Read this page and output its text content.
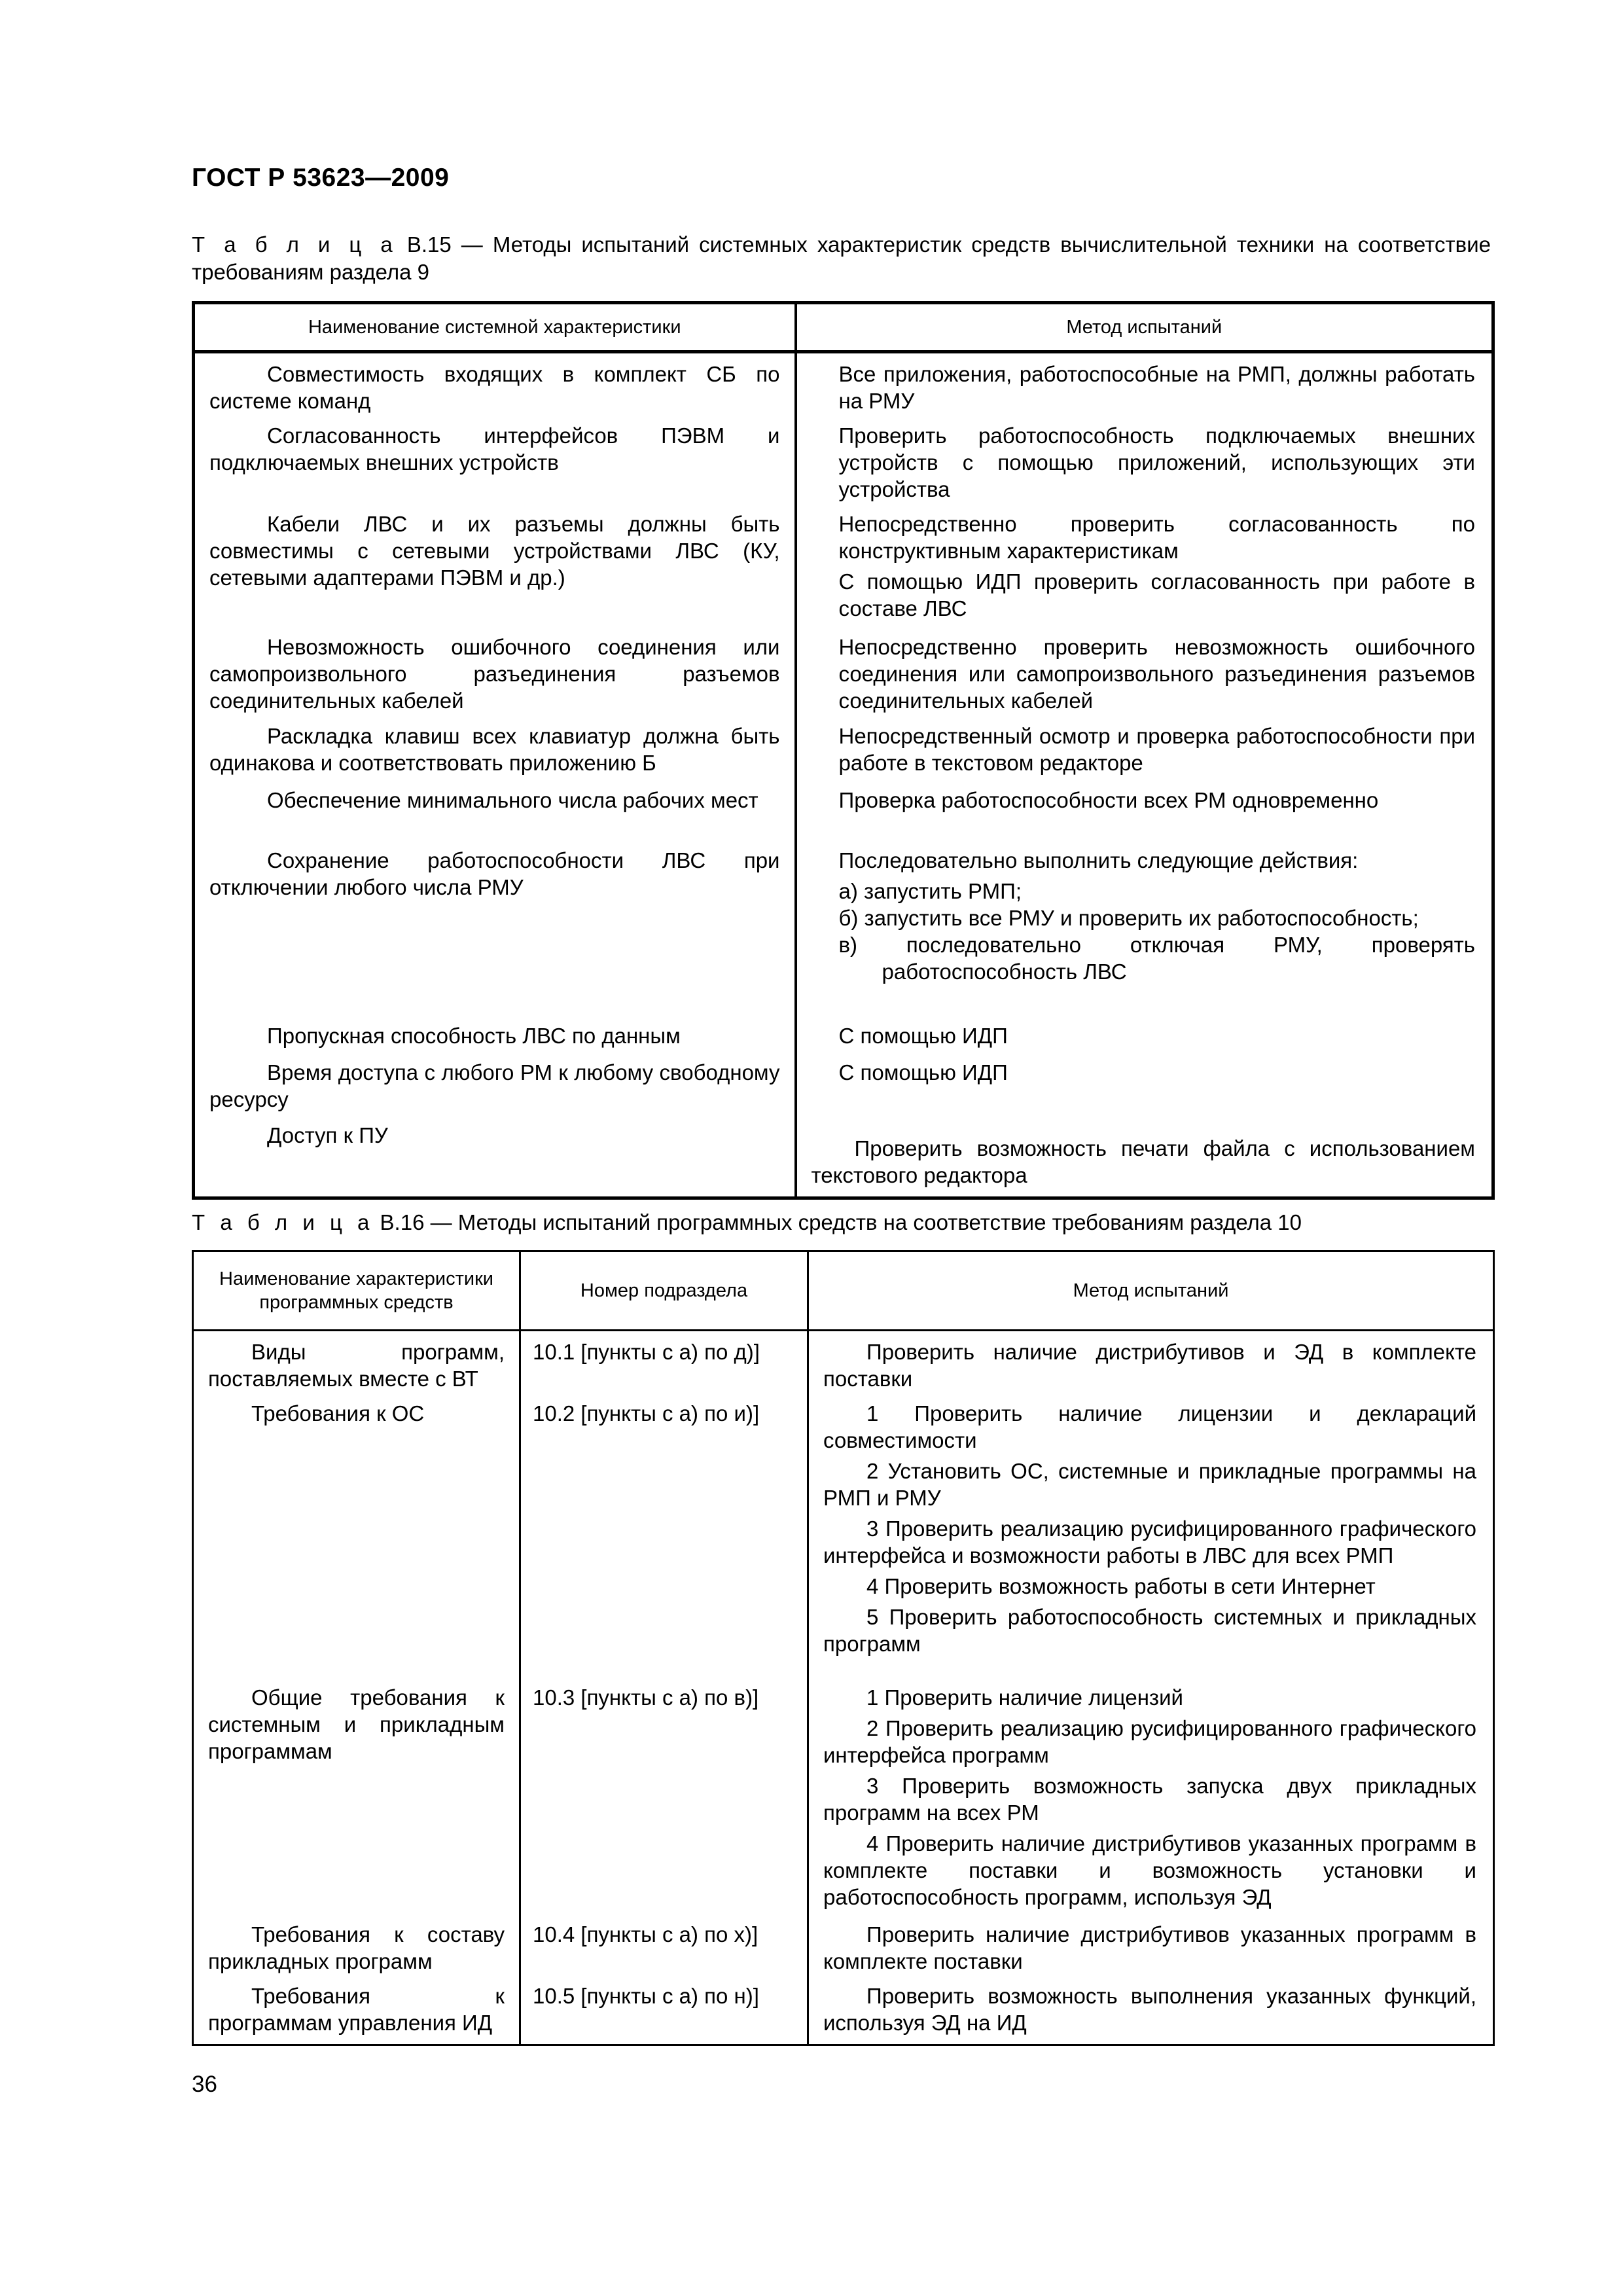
ГОСТ Р 53623—2009
Т а б л и ц а В.15 — Методы испытаний системных характеристик средств вычислительной техники на соответствие требованиям раздела 9
Наименование системной характеристики	Метод испытаний
Совместимость входящих в комплект СБ по системе команд	Все приложения, работоспособные на РМП, должны работать на РМУ

Согласованность интерфейсов ПЭВМ и подключаемых внешних устройств	Проверить работоспособность подключаемых внешних устройств с помощью приложений, использующих эти устройства

Кабели ЛВС и их разъемы должны быть совместимы с сетевыми устройствами ЛВС (КУ, сетевыми адаптерами ПЭВМ и др.)	Непосредственно проверить согласованность по конструктивным характеристикам
С помощью ИДП проверить согласованность при работе в составе ЛВС

Невозможность ошибочного соединения или самопроизвольного разъединения разъемов соединительных кабелей	Непосредственно проверить невозможность ошибочного соединения или самопроизвольного разъединения разъемов соединительных кабелей

Раскладка клавиш всех клавиатур должна быть одинакова и соответствовать приложению Б	Непосредственный осмотр и проверка работоспособности при работе в текстовом редакторе

Обеспечение минимального числа рабочих мест	Проверка работоспособности всех РМ одновременно

Сохранение работоспособности ЛВС при отключении любого числа РМУ	Последовательно выполнить следующие действия:
а) запустить РМП;
б) запустить все РМУ и проверить их работоспособность;
в) последовательно отключая РМУ, проверять работоспособность ЛВС

Пропускная способность ЛВС по данным	С помощью ИДП

Время доступа с любого РМ к любому свободному ресурсу	С помощью ИДП

Доступ к ПУ	Проверить возможность печати файла с использованием текстового редактора
Т а б л и ц а В.16 — Методы испытаний программных средств на соответствие требованиям раздела 10
Наименование характеристики программных средств	Номер подраздела	Метод испытаний
Виды программ, поставляемых вместе с ВТ	10.1 [пункты с а) по д)]	Проверить наличие дистрибутивов и ЭД в комплекте поставки

Требования к ОС	10.2 [пункты с а) по и)]	1 Проверить наличие лицензии и деклараций совместимости
2 Установить ОС, системные и прикладные программы на РМП и РМУ
3 Проверить реализацию русифицированного графического интерфейса и возможности работы в ЛВС для всех РМП
4 Проверить возможность работы в сети Интернет
5 Проверить работоспособность системных и прикладных программ

Общие требования к системным и прикладным программам	10.3 [пункты с а) по в)]	1 Проверить наличие лицензий
2 Проверить реализацию русифицированного графического интерфейса программ
3 Проверить возможность запуска двух прикладных программ на всех РМ
4 Проверить наличие дистрибутивов указанных программ в комплекте поставки и возможность установки и работоспособность программ, используя ЭД

Требования к составу прикладных программ	10.4 [пункты с а) по х)]	Проверить наличие дистрибутивов указанных программ в комплекте поставки

Требования к программам управления ИД	10.5 [пункты с а) по н)]	Проверить возможность выполнения указанных функций, используя ЭД на ИД
36
